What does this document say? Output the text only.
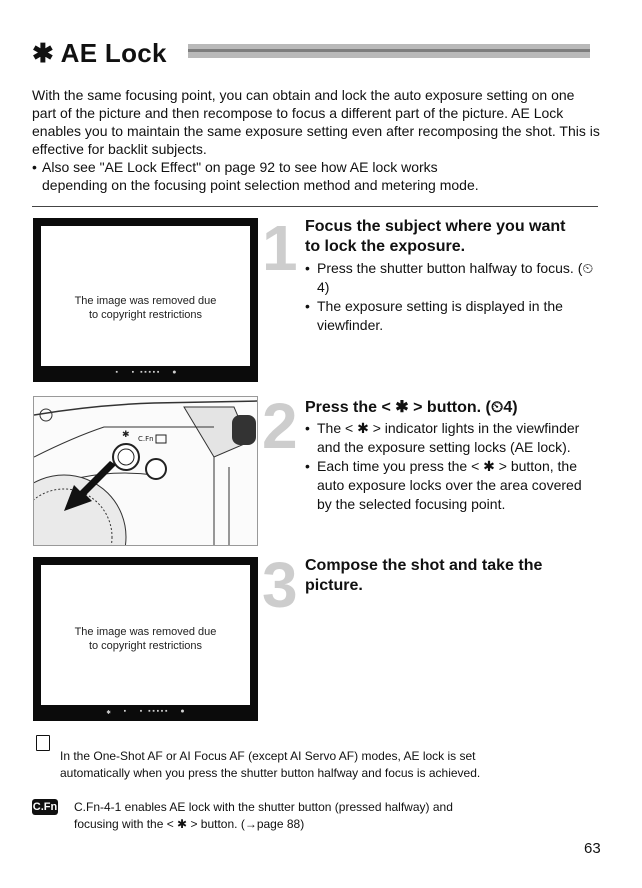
✱ AE Lock
With the same focusing point, you can obtain and lock the auto exposure setting on one part of the picture and then recompose to focus a different part of the picture. AE Lock enables you to maintain the same exposure setting even after recomposing the shot. This is effective for backlit subjects.
• Also see "AE Lock Effect" on page 92 to see how AE lock works
depending on the focusing point selection method and metering mode.
The image was removed due
to copyright restrictions
▪ ▪ ▪▪▪▪▪ ●
✱ C.Fn
The image was removed due
to copyright restrictions
✱ ▪ ▪ ▪▪▪▪▪ ●
1 Focus the subject where you want
to lock the exposure.
• Press the shutter button halfway to focus. (⏲4)
• The exposure setting is displayed in the viewfinder.
2 Press the < ✱ > button. (⏲4)
• The < ✱ > indicator lights in the viewfinder and the exposure setting locks (AE lock).
• Each time you press the < ✱ > button, the auto exposure locks over the area covered by the selected focusing point.
3 Compose the shot and take the
picture.
In the One-Shot AF or AI Focus AF (except AI Servo AF) modes, AE lock is set
automatically when you press the shutter button halfway and focus is achieved.
C.Fn C.Fn-4-1 enables AE lock with the shutter button (pressed halfway) and
focusing with the < ✱ > button. (→page 88)
63
